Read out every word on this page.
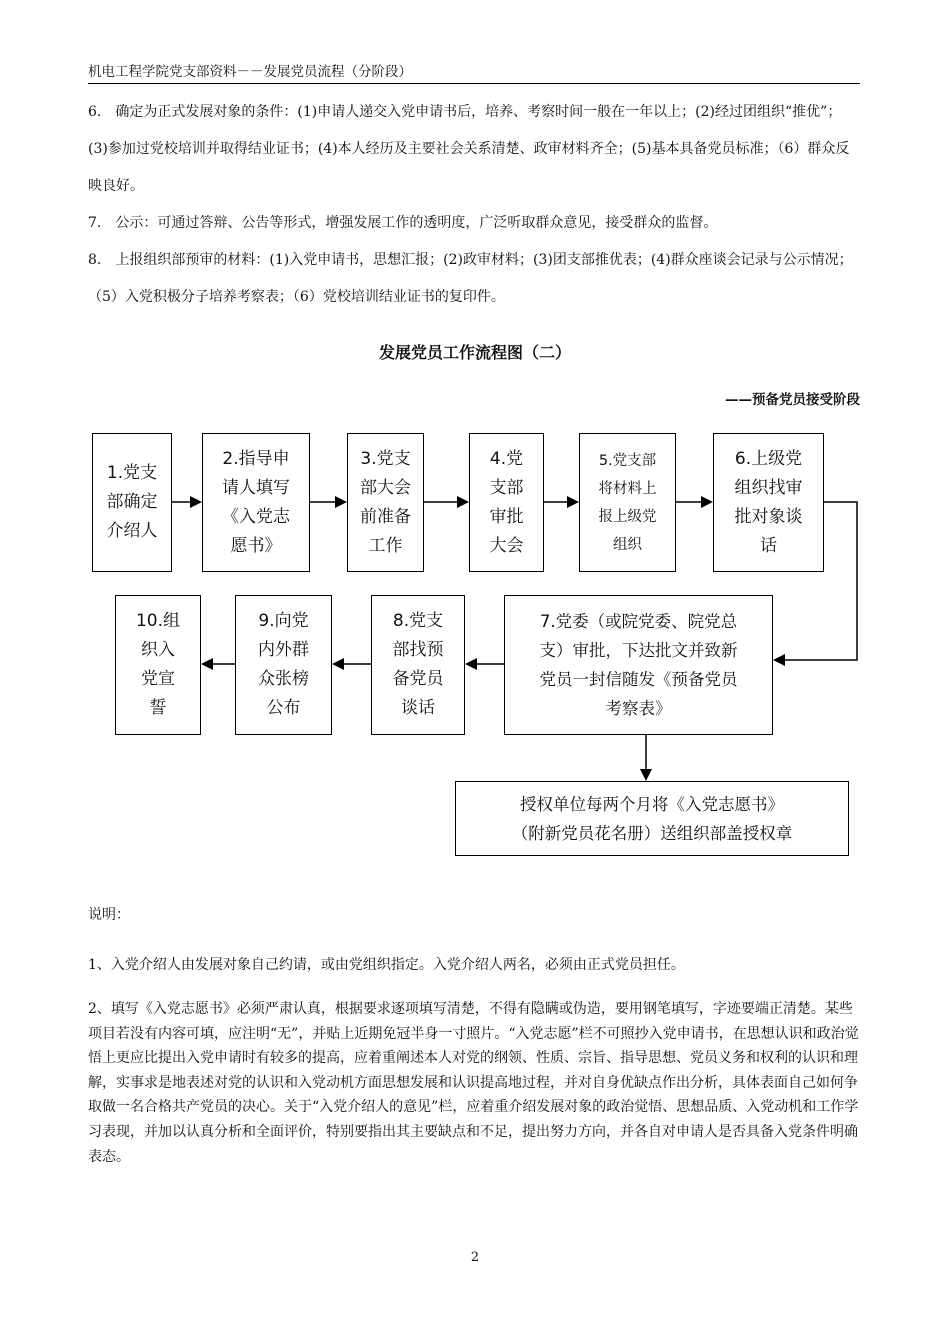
机电工程学院党支部资料－－发展党员流程（分阶段）

6.　确定为正式发展对象的条件：(1)申请人递交入党申请书后，培养、考察时间一般在一年以上；(2)经过团组织“推优”；(3)参加过党校培训并取得结业证书；(4)本人经历及主要社会关系清楚、政审材料齐全；(5)基本具备党员标准；（6）群众反映良好。

7.　公示：可通过答辩、公告等形式，增强发展工作的透明度，广泛听取群众意见，接受群众的监督。

8.　上报组织部预审的材料：(1)入党申请书，思想汇报；(2)政审材料；(3)团支部推优表；(4)群众座谈会记录与公示情况；（5）入党积极分子培养考察表；（6）党校培训结业证书的复印件。

发展党员工作流程图（二）
——预备党员接受阶段
1.党支
部确定
介绍人
2.指导申
请人填写
《入党志
愿书》
3.党支
部大会
前准备
工作
4.党
支部
审批
大会
5.党支部
将材料上
报上级党
组织
6.上级党
组织找审
批对象谈
话
10.组
织入
党宣
誓
9.向党
内外群
众张榜
公布
8.党支
部找预
备党员
谈话
7.党委（或院党委、院党总
支）审批，下达批文并致新
党员一封信随发《预备党员
考察表》
授权单位每两个月将《入党志愿书》
（附新党员花名册）送组织部盖授权章

说明：

1、入党介绍人由发展对象自己约请，或由党组织指定。入党介绍人两名，必须由正式党员担任。

2、填写《入党志愿书》必须严肃认真，根据要求逐项填写清楚，不得有隐瞒或伪造，要用钢笔填写，字迹要端正清楚。某些项目若没有内容可填，应注明“无”，并贴上近期免冠半身一寸照片。“入党志愿”栏不可照抄入党申请书，在思想认识和政治觉悟上更应比提出入党申请时有较多的提高，应着重阐述本人对党的纲领、性质、宗旨、指导思想、党员义务和权利的认识和理解，实事求是地表述对党的认识和入党动机方面思想发展和认识提高地过程，并对自身优缺点作出分析，具体表面自己如何争取做一名合格共产党员的决心。关于“入党介绍人的意见”栏，应着重介绍发展对象的政治觉悟、思想品质、入党动机和工作学习表现，并加以认真分析和全面评价，特别要指出其主要缺点和不足，提出努力方向，并各自对申请人是否具备入党条件明确表态。

2
